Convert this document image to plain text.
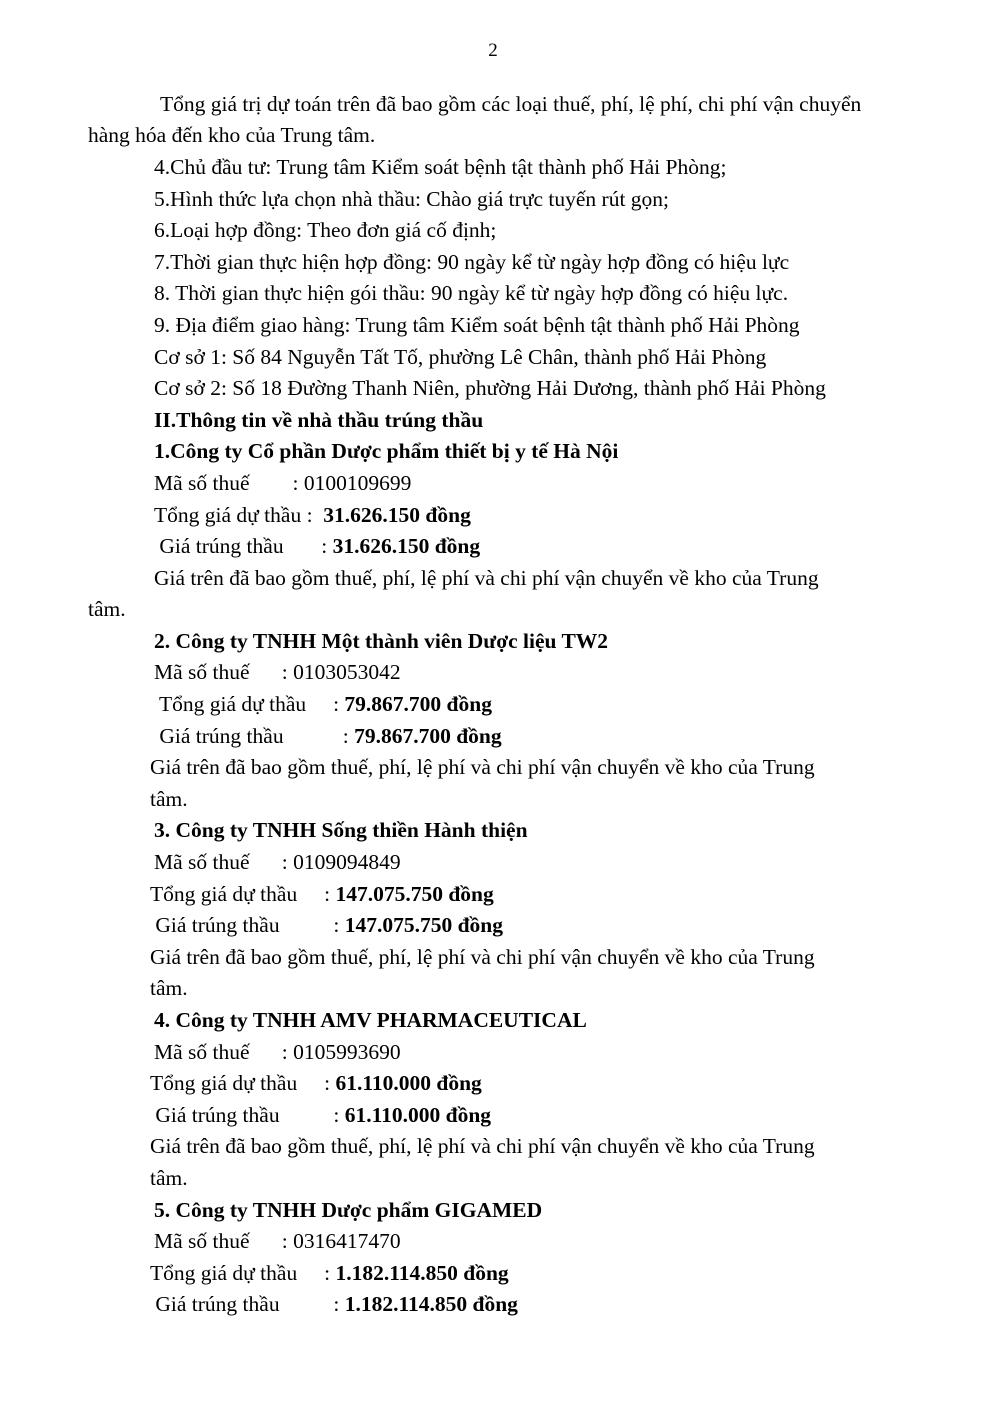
2

Tổng giá trị dự toán trên đã bao gồm các loại thuế, phí, lệ phí, chi phí vận chuyển hàng hóa đến kho của Trung tâm.

4.Chủ đầu tư: Trung tâm Kiểm soát bệnh tật thành phố Hải Phòng;

5.Hình thức lựa chọn nhà thầu: Chào giá trực tuyến rút gọn;

6.Loại hợp đồng: Theo đơn giá cố định;

7.Thời gian thực hiện hợp đồng: 90 ngày kể từ ngày hợp đồng có hiệu lực

8. Thời gian thực hiện gói thầu: 90 ngày kể từ ngày hợp đồng có hiệu lực.

9. Địa điểm giao hàng: Trung tâm Kiểm soát bệnh tật thành phố Hải Phòng

Cơ sở 1: Số 84 Nguyễn Tất Tố, phường Lê Chân, thành phố Hải Phòng

Cơ sở 2: Số 18 Đường Thanh Niên, phường Hải Dương, thành phố Hải Phòng

II.Thông tin về nhà thầu trúng thầu

1.Công ty Cổ phần Dược phẩm thiết bị y tế Hà Nội

Mã số thuế        : 0100109699

Tổng giá dự thầu : 31.626.150 đồng

Giá trúng thầu       : 31.626.150 đồng

Giá trên đã bao gồm thuế, phí, lệ phí và chi phí vận chuyển về kho của Trung

tâm.

2. Công ty TNHH Một thành viên Dược liệu TW2

Mã số thuế      : 0103053042

Tổng giá dự thầu     : 79.867.700 đồng

Giá trúng thầu           : 79.867.700 đồng

Giá trên đã bao gồm thuế, phí, lệ phí và chi phí vận chuyển về kho của Trung

tâm.

3. Công ty TNHH Sống thiền Hành thiện

Mã số thuế      : 0109094849

Tổng giá dự thầu     : 147.075.750 đồng

Giá trúng thầu          : 147.075.750 đồng

Giá trên đã bao gồm thuế, phí, lệ phí và chi phí vận chuyển về kho của Trung

tâm.

4. Công ty TNHH AMV PHARMACEUTICAL

Mã số thuế      : 0105993690

Tổng giá dự thầu     : 61.110.000 đồng

Giá trúng thầu          : 61.110.000 đồng

Giá trên đã bao gồm thuế, phí, lệ phí và chi phí vận chuyển về kho của Trung

tâm.

5. Công ty TNHH Dược phẩm GIGAMED

Mã số thuế      : 0316417470

Tổng giá dự thầu     : 1.182.114.850 đồng

Giá trúng thầu          : 1.182.114.850 đồng
